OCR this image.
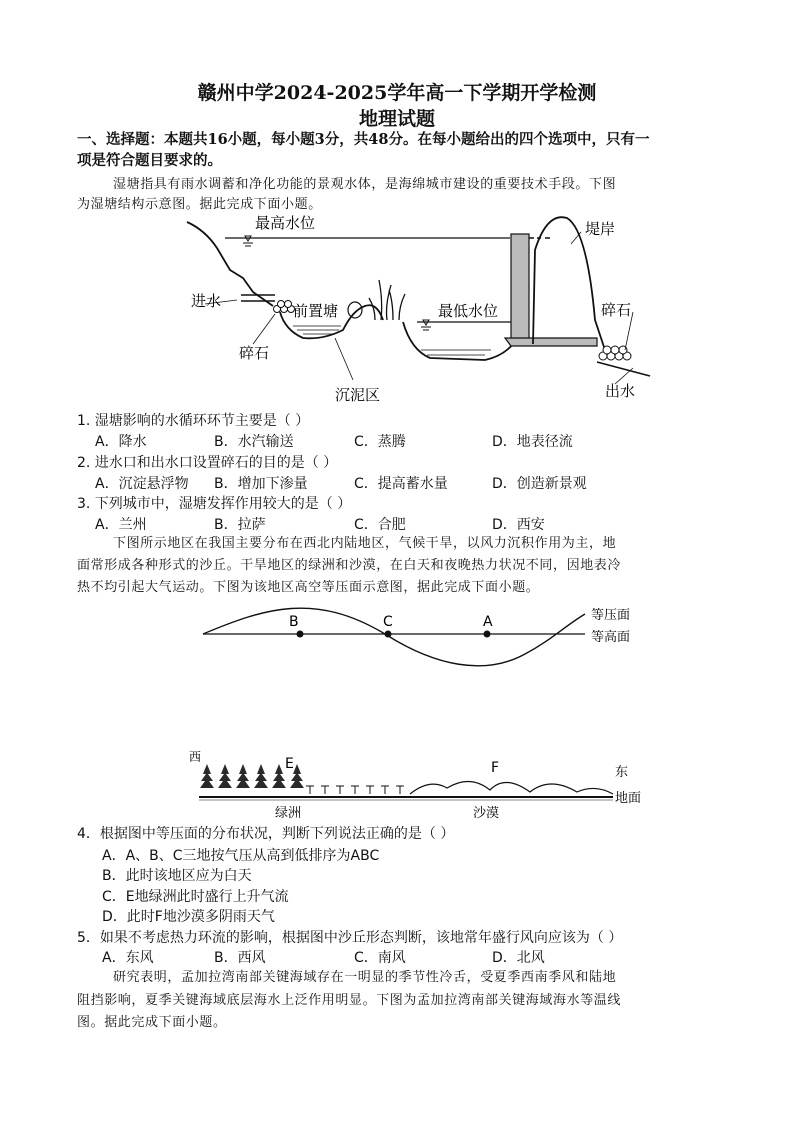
赣州中学2024-2025学年高一下学期开学检测
地理试题
一、选择题：本题共16小题，每小题3分，共48分。在每小题给出的四个选项中，只有一
项是符合题目要求的。
湿塘指具有雨水调蓄和净化功能的景观水体，是海绵城市建设的重要技术手段。下图
为湿塘结构示意图。据此完成下面小题。
最高水位	堤岸
进水
前置塘	最低水位	碎石
碎石
沉泥区	出水
1. 湿塘影响的水循环环节主要是（ ）
A．降水	B．水汽输送	C．蒸腾	D．地表径流
2. 进水口和出水口设置碎石的目的是（ ）
A．沉淀悬浮物 B．增加下渗量	C．提高蓄水量	D．创造新景观
3. 下列城市中，湿塘发挥作用较大的是（ ）
A．兰州	B．拉萨	C．合肥	D．西安
下图所示地区在我国主要分布在西北内陆地区，气候干旱，以风力沉积作用为主，地
面常形成各种形式的沙丘。干旱地区的绿洲和沙漠，在白天和夜晚热力状况不同，因地表冷
热不均引起大气运动。下图为该地区高空等压面示意图，据此完成下面小题。
B	C	A	等压面
等高面
西
东
E	F
地面
绿洲	沙漠
4．根据图中等压面的分布状况，判断下列说法正确的是（ ）
A．A、B、C三地按气压从高到低排序为ABC
B．此时该地区应为白天
C．E地绿洲此时盛行上升气流
D．此时F地沙漠多阴雨天气
5．如果不考虑热力环流的影响，根据图中沙丘形态判断，该地常年盛行风向应该为（ ）
A．东风	B．西风	C．南风	D．北风
研究表明，孟加拉湾南部关键海域存在一明显的季节性冷舌，受夏季西南季风和陆地
阻挡影响，夏季关键海域底层海水上泛作用明显。下图为孟加拉湾南部关键海域海水等温线
图。据此完成下面小题。
